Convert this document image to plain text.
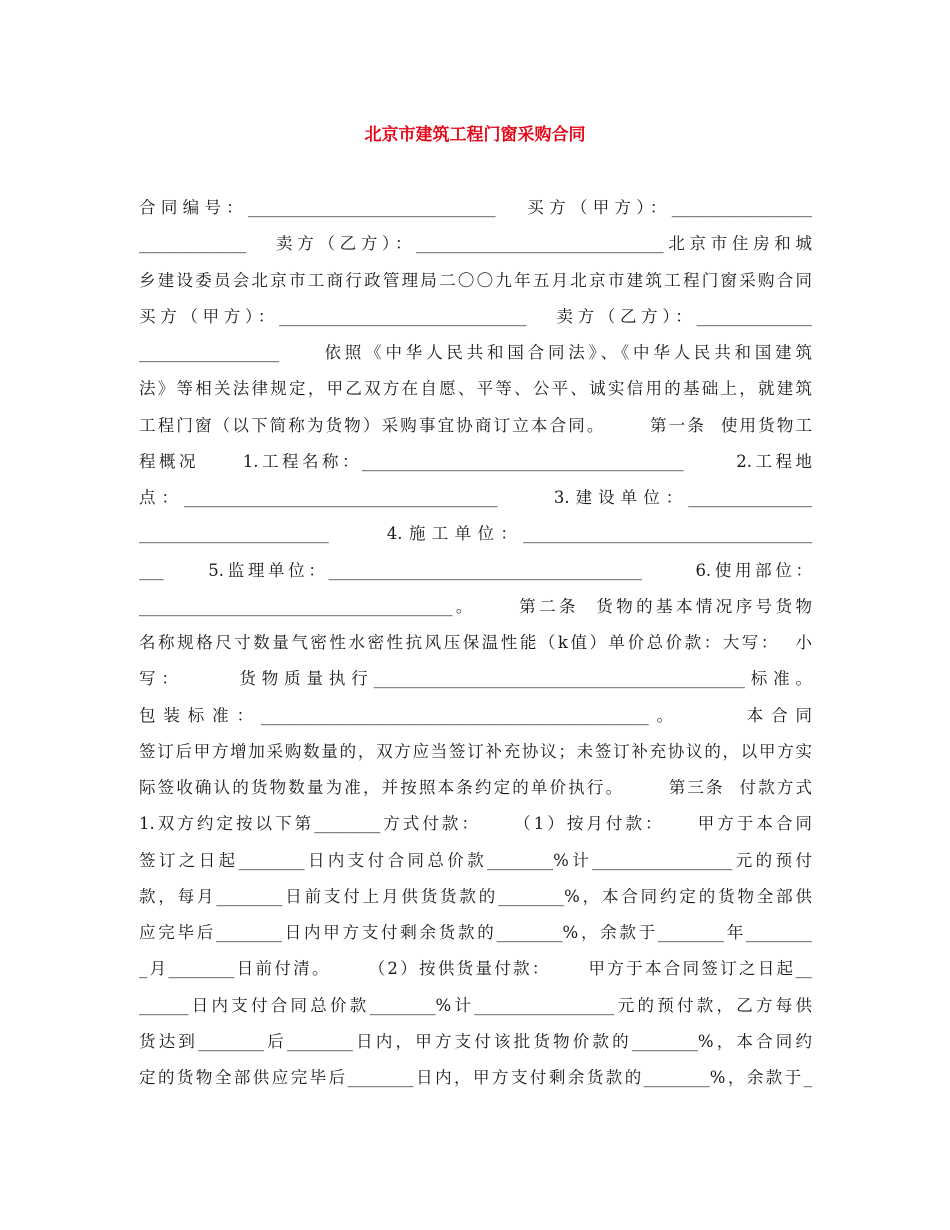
北京市建筑工程门窗采购合同
合同编号：______________________________   买方（甲方）：_________________
_____________   卖方（乙方）：______________________________北京市住房和城
乡建设委员会北京市工商行政管理局二〇〇九年五月北京市建筑工程门窗采购合同
买方（甲方）：______________________________   卖方（乙方）：______________
_________________     依照《中华人民共和国合同法》、《中华人民共和国建筑
法》等相关法律规定，甲乙双方在自愿、平等、公平、诚实信用的基础上，就建筑
工程门窗（以下简称为货物）采购事宜协商订立本合同。      第一条  使用货物工
程概况     1.工程名称：_______________________________________      2.工程地
点：______________________________________     3.建设单位：_______________
_______________________     4.施工单位：___________________________________
___     5.监理单位：______________________________________      6.使用部位：
______________________________________。     第二条  货物的基本情况序号货物
名称规格尺寸数量气密性水密性抗风压保温性能（k值）单价总价款：大写：  小
写：     货物质量执行_____________________________________________标准。
包装标准：_______________________________________________。     本合同
签订后甲方增加采购数量的，双方应当签订补充协议；未签订补充协议的，以甲方实
际签收确认的货物数量为准，并按照本条约定的单价执行。      第三条  付款方式
1.双方约定按以下第________方式付款：    （1）按月付款：    甲方于本合同
签订之日起________日内支付合同总价款________%计_________________元的预付
款，每月________日前支付上月供货货款的________%，本合同约定的货物全部供
应完毕后________日内甲方支付剩余货款的________%，余款于________年________
_月________日前付清。     （2）按供货量付款：     甲方于本合同签订之日起__
______日内支付合同总价款________%计_________________元的预付款，乙方每供
货达到________后________日内，甲方支付该批货物价款的________%，本合同约
定的货物全部供应完毕后________日内，甲方支付剩余货款的________%，余款于_
